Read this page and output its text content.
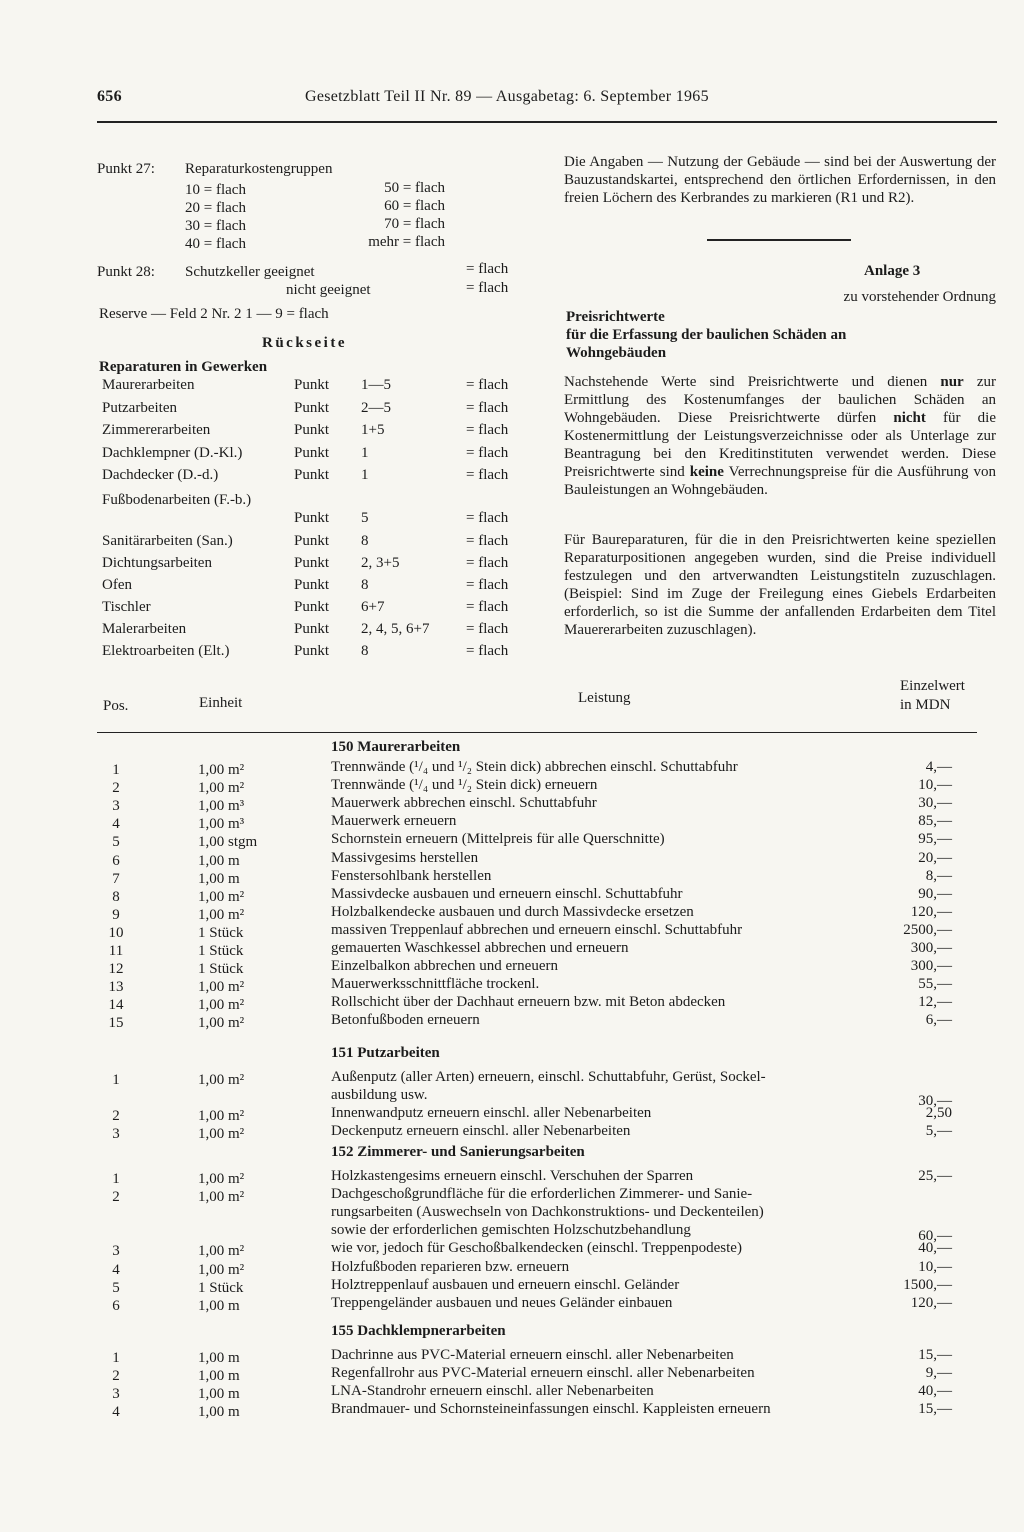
656	Gesetzblatt Teil II Nr. 89 — Ausgabetag: 6. September 1965
Punkt 27: Reparaturkostengruppen
10 = flach
20 = flach
30 = flach
40 = flach
50 = flach
60 = flach
70 = flach
mehr = flach
Punkt 28: Schutzkeller geeignet
nicht geeignet
= flach
= flach
Reserve — Feld 2 Nr. 2 1 — 9 = flach
Rückseite
Reparaturen in Gewerken
Maurerarbeiten	Punkt 1—5	= flach
Putzarbeiten	Punkt 2—5	= flach
Zimmererarbeiten	Punkt 1+5	= flach
Dachklempner (D.-Kl.)	Punkt 1	= flach
Dachdecker (D.-d.)	Punkt 1	= flach
Fußbodenarbeiten (F.-b.)
Punkt 5	= flach
Sanitärarbeiten (San.)	Punkt 8	= flach
Dichtungsarbeiten	Punkt 2, 3+5	= flach
Ofen	Punkt 8	= flach
Tischler	Punkt 6+7	= flach
Malerarbeiten	Punkt 2, 4, 5, 6+7 = flach
Elektroarbeiten (Elt.)	Punkt 8	= flach
Die Angaben — Nutzung der Gebäude — sind bei der Auswertung der Bauzustandskartei, entsprechend den örtlichen Erfordernissen, in den freien Löchern des Kerbrandes zu markieren (R1 und R2).
Anlage 3
zu vorstehender Ordnung
Preisrichtwerte
für die Erfassung der baulichen Schäden an Wohngebäuden
Nachstehende Werte sind Preisrichtwerte und dienen nur zur Ermittlung des Kostenumfanges der baulichen Schäden an Wohngebäuden. Diese Preisrichtwerte dürfen nicht für die Kostenermittlung der Leistungsverzeichnisse oder als Unterlage zur Beantragung bei den Kreditinstituten verwendet werden. Diese Preisrichtwerte sind keine Verrechnungspreise für die Ausführung von Bauleistungen an Wohngebäuden.
Für Baureparaturen, für die in den Preisrichtwerten keine speziellen Reparaturpositionen angegeben wurden, sind die Preise individuell festzulegen und den artverwandten Leistungstiteln zuzuschlagen. (Beispiel: Sind im Zuge der Freilegung eines Giebels Erdarbeiten erforderlich, so ist die Summe der anfallenden Erdarbeiten dem Titel Mauererarbeiten zuzuschlagen).
Pos.	Einheit	Leistung
Einzelwert
in MDN
150 Maurerarbeiten
1	1,00 m²	Trennwände (¹/₄ und ¹/₂ Stein dick) abbrechen einschl. Schuttabfuhr	4,—
2	1,00 m²	Trennwände (¹/₄ und ¹/₂ Stein dick) erneuern	10,—
3	1,00 m³	Mauerwerk abbrechen einschl. Schuttabfuhr	30,—
4	1,00 m³	Mauerwerk erneuern	85,—
5	1,00 stgm	Schornstein erneuern (Mittelpreis für alle Querschnitte)	95,—
6	1,00 m	Massivgesims herstellen	20,—
7	1,00 m	Fenstersohlbank herstellen	8,—
8	1,00 m²	Massivdecke ausbauen und erneuern einschl. Schuttabfuhr	90,—
9	1,00 m²	Holzbalkendecke ausbauen und durch Massivdecke ersetzen	120,—
10	1 Stück	massiven Treppenlauf abbrechen und erneuern einschl. Schuttabfuhr	2500,—
11	1 Stück	gemauerten Waschkessel abbrechen und erneuern	300,—
12	1 Stück	Einzelbalkon abbrechen und erneuern	300,—
13	1,00 m²	Mauerwerksschnittfläche trockenl.	55,—
14	1,00 m²	Rollschicht über der Dachhaut erneuern bzw. mit Beton abdecken	12,—
15	1,00 m²	Betonfußboden erneuern	6,—
151 Putzarbeiten
1	1,00 m²	Außenputz (aller Arten) erneuern, einschl. Schuttabfuhr, Gerüst, Sockel-
ausbildung usw.	30,—
2	1,00 m²	Innenwandputz erneuern einschl. aller Nebenarbeiten	2,50
3	1,00 m²	Deckenputz erneuern einschl. aller Nebenarbeiten	5,—
152 Zimmerer- und Sanierungsarbeiten
1	1,00 m²	Holzkastengesims erneuern einschl. Verschuhen der Sparren	25,—
2	1,00 m²	Dachgeschoßgrundfläche für die erforderlichen Zimmerer- und Sanie-
rungsarbeiten (Auswechseln von Dachkonstruktions- und Deckenteilen)
sowie der erforderlichen gemischten Holzschutzbehandlung	60,—
3	1,00 m²	wie vor, jedoch für Geschoßbalkendecken (einschl. Treppenpodeste)	40,—
4	1,00 m²	Holzfußboden reparieren bzw. erneuern	10,—
5	1 Stück	Holztreppenlauf ausbauen und erneuern einschl. Geländer	1500,—
6	1,00 m	Treppengeländer ausbauen und neues Geländer einbauen	120,—
155 Dachklempnerarbeiten
1	1,00 m	Dachrinne aus PVC-Material erneuern einschl. aller Nebenarbeiten	15,—
2	1,00 m	Regenfallrohr aus PVC-Material erneuern einschl. aller Nebenarbeiten	9,—
3	1,00 m	LNA-Standrohr erneuern einschl. aller Nebenarbeiten	40,—
4	1,00 m	Brandmauer- und Schornsteineinfassungen einschl. Kappleisten erneuern	15,—
